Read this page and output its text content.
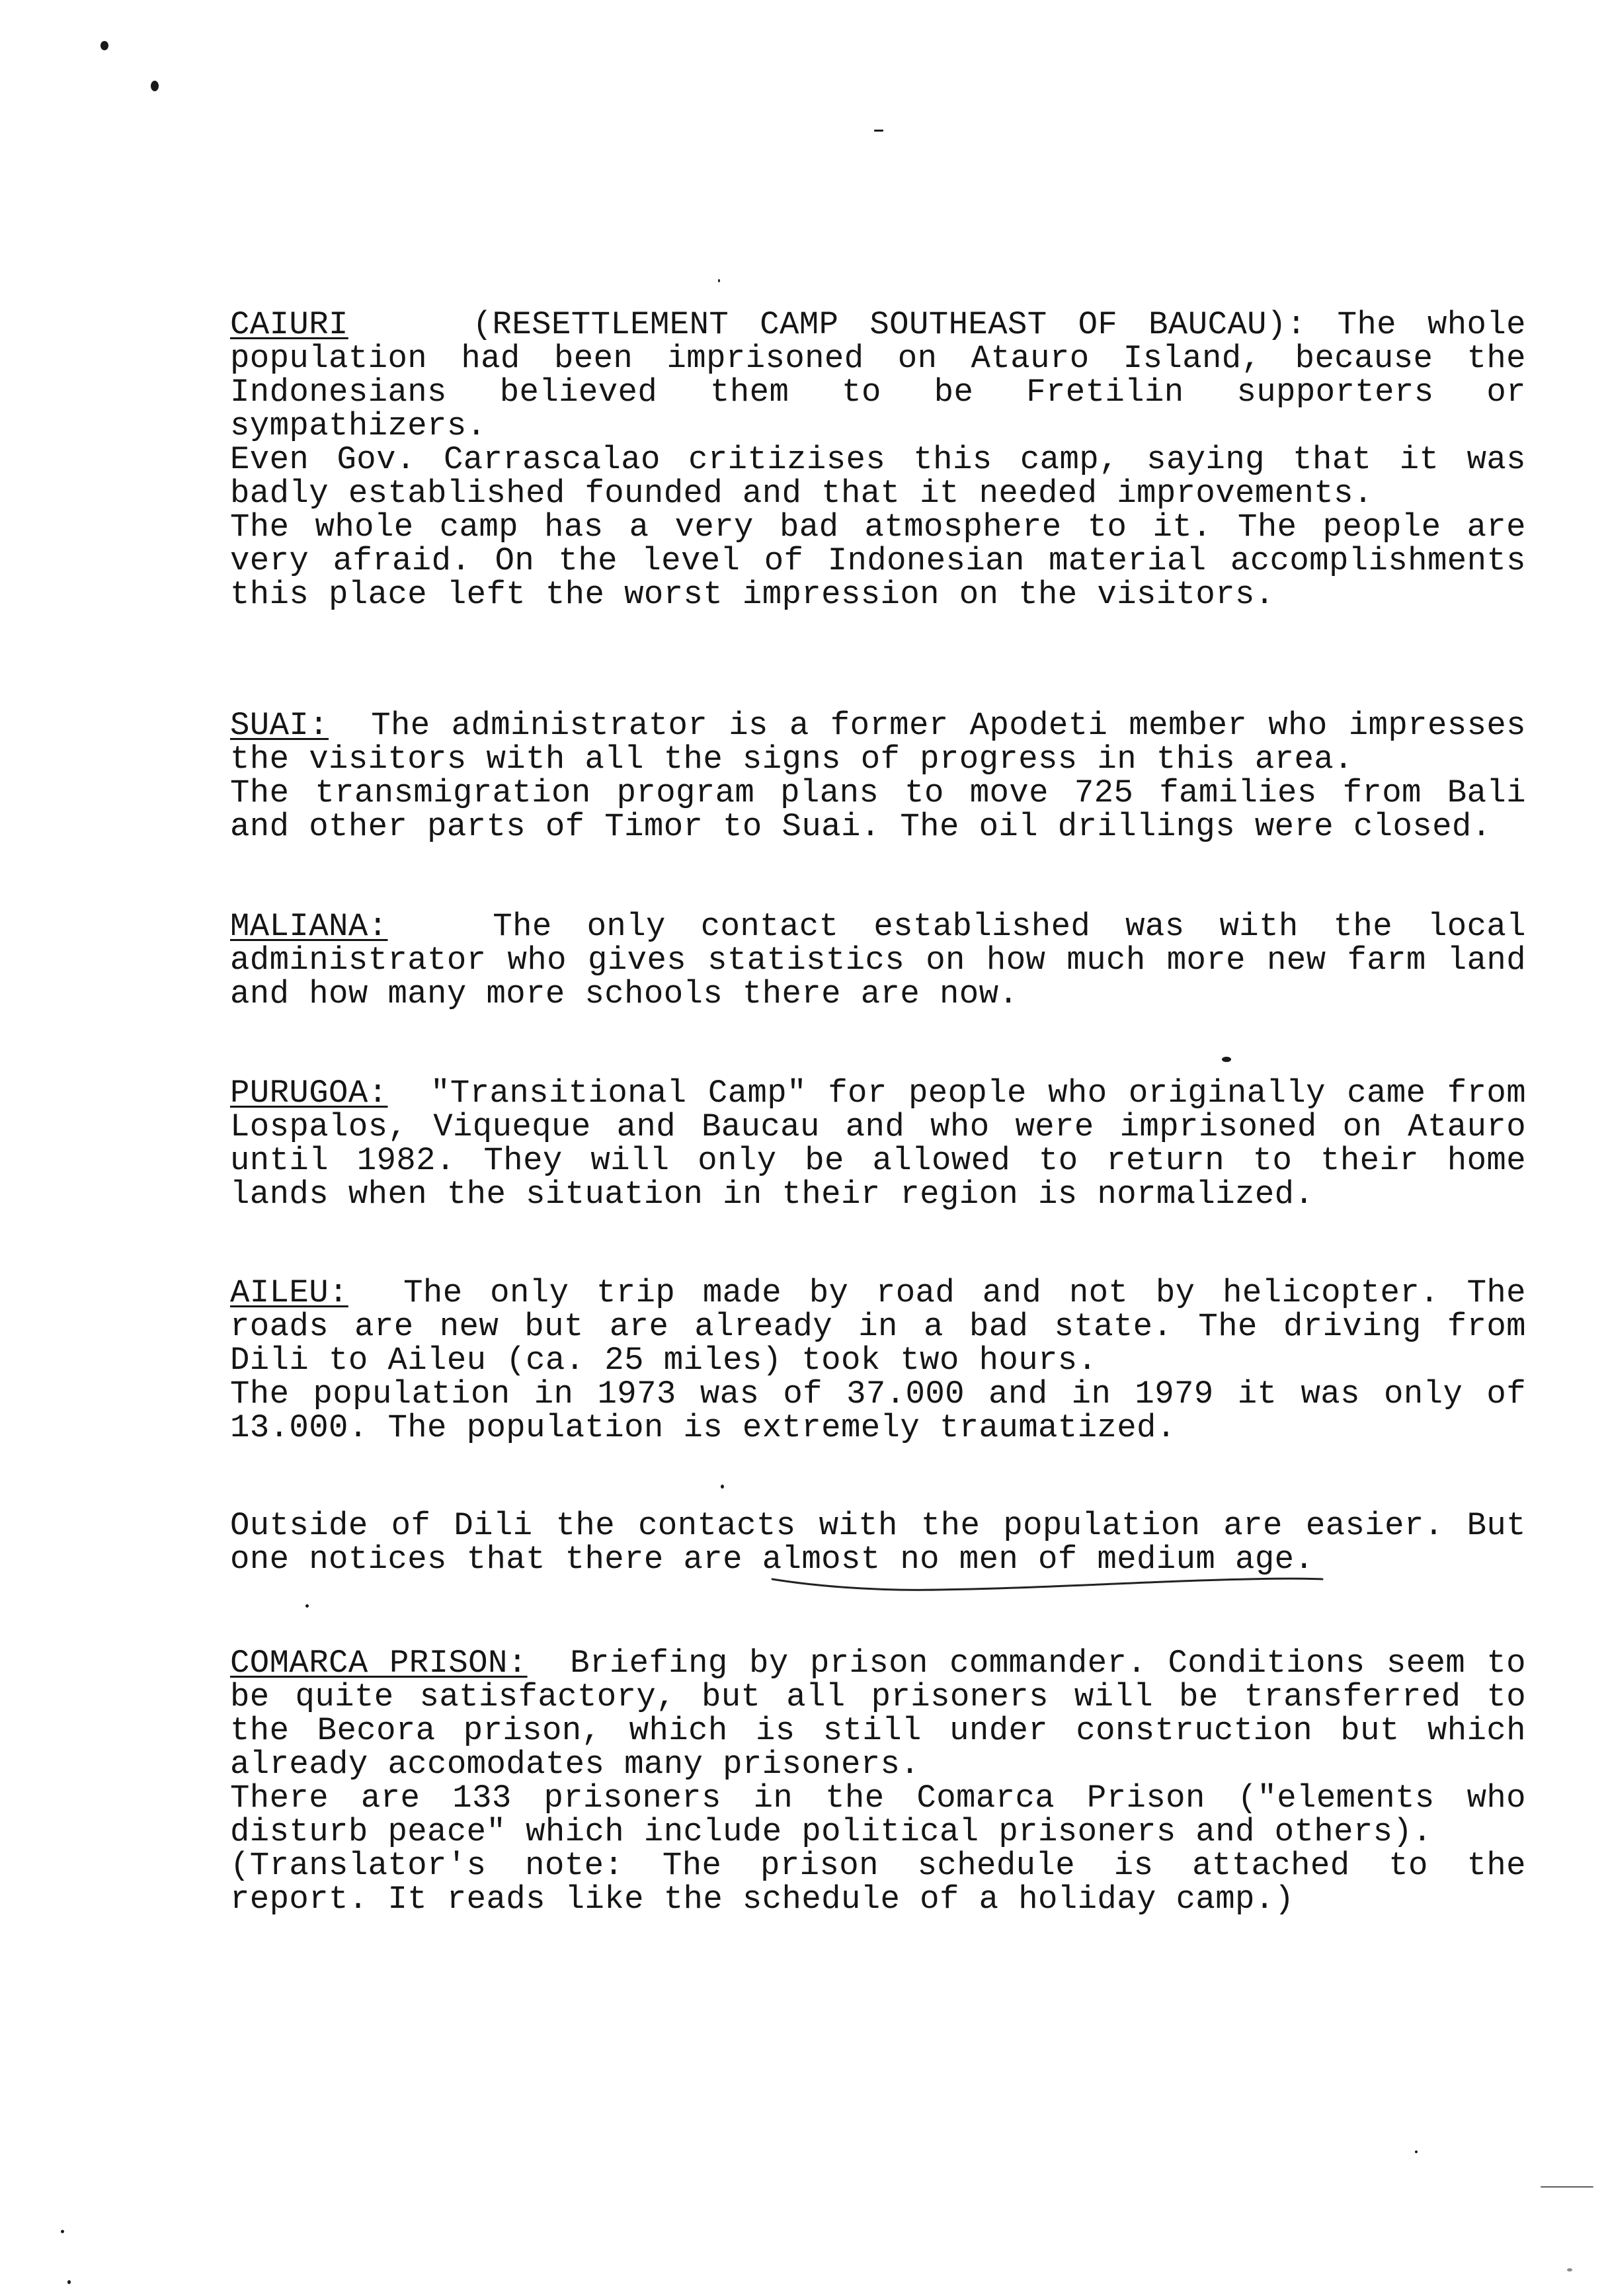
CAIURI	(RESETTLEMENT CAMP SOUTHEAST OF BAUCAU): The whole population had been imprisoned on Atauro Island, because the Indonesians believed them to be Fretilin supporters or sympathizers.

Even Gov. Carrascalao critizises this camp, saying that it was badly established founded and that it needed improvements.

The whole camp has a very bad atmosphere to it. The people are very afraid. On the level of Indonesian material accomplishments this place left the worst impression on the visitors.

SUAI: The administrator is a former Apodeti member who impresses the visitors with all the signs of progress in this area.

The transmigration program plans to move 725 families from Bali and other parts of Timor to Suai. The oil drillings were closed.

MALIANA:	The only contact established was with the local administrator who gives statistics on how much more new farm land and how many more schools there are now.

PURUGOA: "Transitional Camp" for people who originally came from Lospalos, Viqueque and Baucau and who were imprisoned on Atauro until 1982. They will only be allowed to return to their home lands when the situation in their region is normalized.

AILEU: The only trip made by road and not by helicopter. The roads are new but are already in a bad state. The driving from Dili to Aileu (ca. 25 miles) took two hours.

The population in 1973 was of 37.000 and in 1979 it was only of 13.000. The population is extremely traumatized.

Outside of Dili the contacts with the population are easier. But one notices that there are almost no men of medium age.

COMARCA PRISON: Briefing by prison commander. Conditions seem to be quite satisfactory, but all prisoners will be transferred to the Becora prison, which is still under construction but which already accomodates many prisoners.

There are 133 prisoners in the Comarca Prison ("elements who disturb peace" which include political prisoners and others).

(Translator's note: The prison schedule is attached to the report. It reads like the schedule of a holiday camp.)
